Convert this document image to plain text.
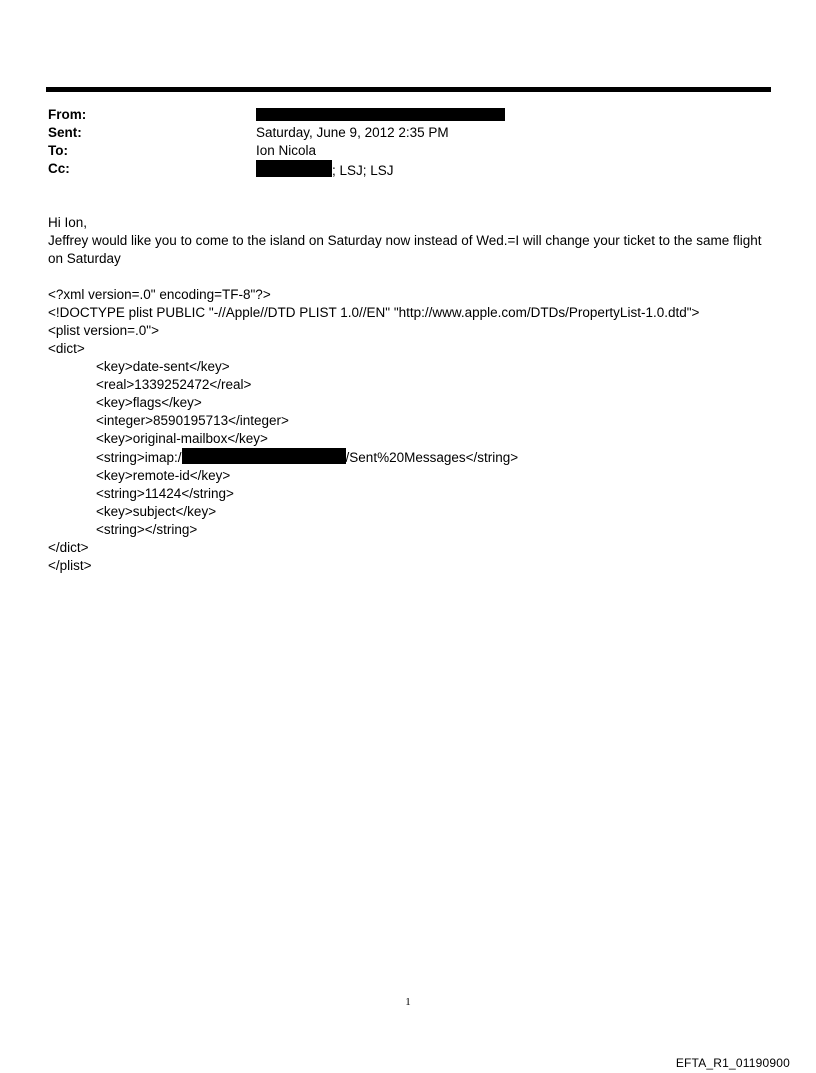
From:
Sent:	Saturday, June 9, 2012 2:35 PM
To:	Ion Nicola
Cc:	; LSJ; LSJ
Hi Ion,
Jeffrey would like you to come to the island on Saturday now instead of Wed.=I will change your ticket to the same flight on Saturday
<?xml version=.0" encoding=TF-8"?>
<!DOCTYPE plist PUBLIC "-//Apple//DTD PLIST 1.0//EN" "http://www.apple.com/DTDs/PropertyList-1.0.dtd">
<plist version=.0">
<dict>
<key>date-sent</key>
<real>1339252472</real>
<key>flags</key>
<integer>8590195713</integer>
<key>original-mailbox</key>
<string>imap:/	/Sent%20Messages</string>
<key>remote-id</key>
<string>11424</string>
<key>subject</key>
<string></string>
</dict>
</plist>
1
EFTA_R1_01190900
